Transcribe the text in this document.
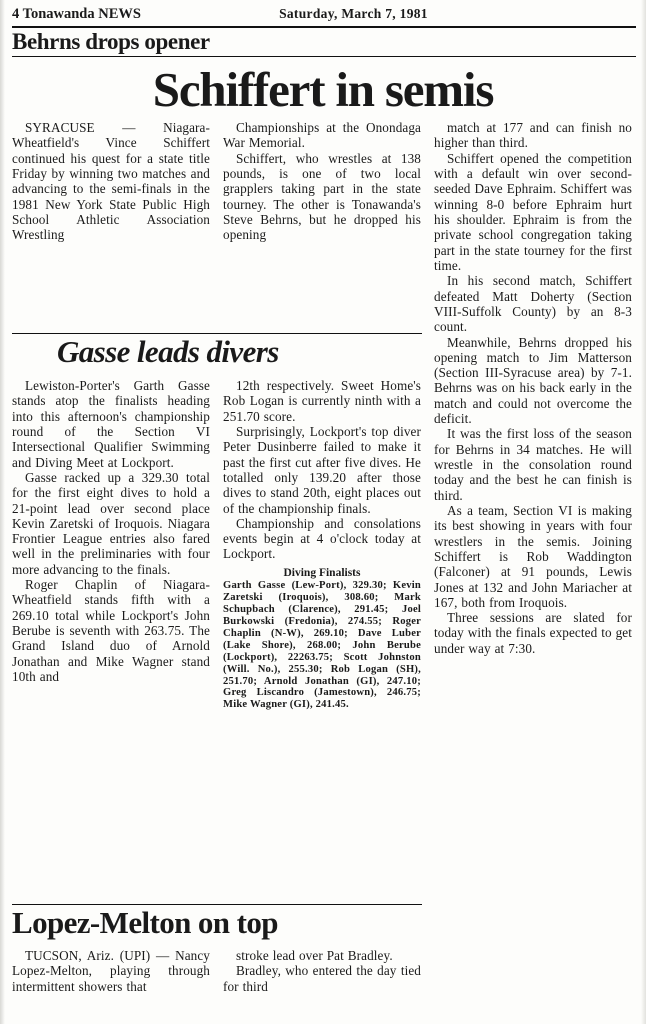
4 Tonawanda NEWS	Saturday, March 7, 1981
Behrns drops opener
Schiffert in semis

SYRACUSE — Niagara-Wheatfield's Vince Schiffert continued his quest for a state title Friday by winning two matches and advancing to the semi-finals in the 1981 New York State Public High School Athletic Association Wrestling

Championships at the Onondaga War Memorial.

Schiffert, who wrestles at 138 pounds, is one of two local grapplers taking part in the state tourney. The other is Tonawanda's Steve Behrns, but he dropped his opening

match at 177 and can finish no higher than third.

Schiffert opened the competition with a default win over second-seeded Dave Ephraim. Schiffert was winning 8-0 before Ephraim hurt his shoulder. Ephraim is from the private school congregation taking part in the state tourney for the first time.

In his second match, Schiffert defeated Matt Doherty (Section VIII-Suffolk County) by an 8-3 count.

Meanwhile, Behrns dropped his opening match to Jim Matterson (Section III-Syracuse area) by 7-1. Behrns was on his back early in the match and could not overcome the deficit.

It was the first loss of the season for Behrns in 34 matches. He will wrestle in the consolation round today and the best he can finish is third.

As a team, Section VI is making its best showing in years with four wrestlers in the semis. Joining Schiffert is Rob Waddington (Falconer) at 91 pounds, Lewis Jones at 132 and John Mariacher at 167, both from Iroquois.

Three sessions are slated for today with the finals expected to get under way at 7:30.

Gasse leads divers

Lewiston-Porter's Garth Gasse stands atop the finalists heading into this afternoon's championship round of the Section VI Intersectional Qualifier Swimming and Diving Meet at Lockport.

Gasse racked up a 329.30 total for the first eight dives to hold a 21-point lead over second place Kevin Zaretski of Iroquois. Niagara Frontier League entries also fared well in the preliminaries with four more advancing to the finals.

Roger Chaplin of Niagara-Wheatfield stands fifth with a 269.10 total while Lockport's John Berube is seventh with 263.75. The Grand Island duo of Arnold Jonathan and Mike Wagner stand 10th and

12th respectively. Sweet Home's Rob Logan is currently ninth with a 251.70 score.

Surprisingly, Lockport's top diver Peter Dusinberre failed to make it past the first cut after five dives. He totalled only 139.20 after those dives to stand 20th, eight places out of the championship finals.

Championship and consolations events begin at 4 o'clock today at Lockport.

Diving Finalists
Garth Gasse (Lew-Port), 329.30; Kevin Zaretski (Iroquois), 308.60; Mark Schupbach (Clarence), 291.45; Joel Burkowski (Fredonia), 274.55; Roger Chaplin (N-W), 269.10; Dave Luber (Lake Shore), 268.00; John Berube (Lockport), 22263.75; Scott Johnston (Will. No.), 255.30; Rob Logan (SH), 251.70; Arnold Jonathan (GI), 247.10; Greg Liscandro (Jamestown), 246.75; Mike Wagner (GI), 241.45.
Lopez-Melton on top

TUCSON, Ariz. (UPI) — Nancy Lopez-Melton, playing through intermittent showers that

stroke lead over Pat Bradley.

Bradley, who entered the day tied for third
